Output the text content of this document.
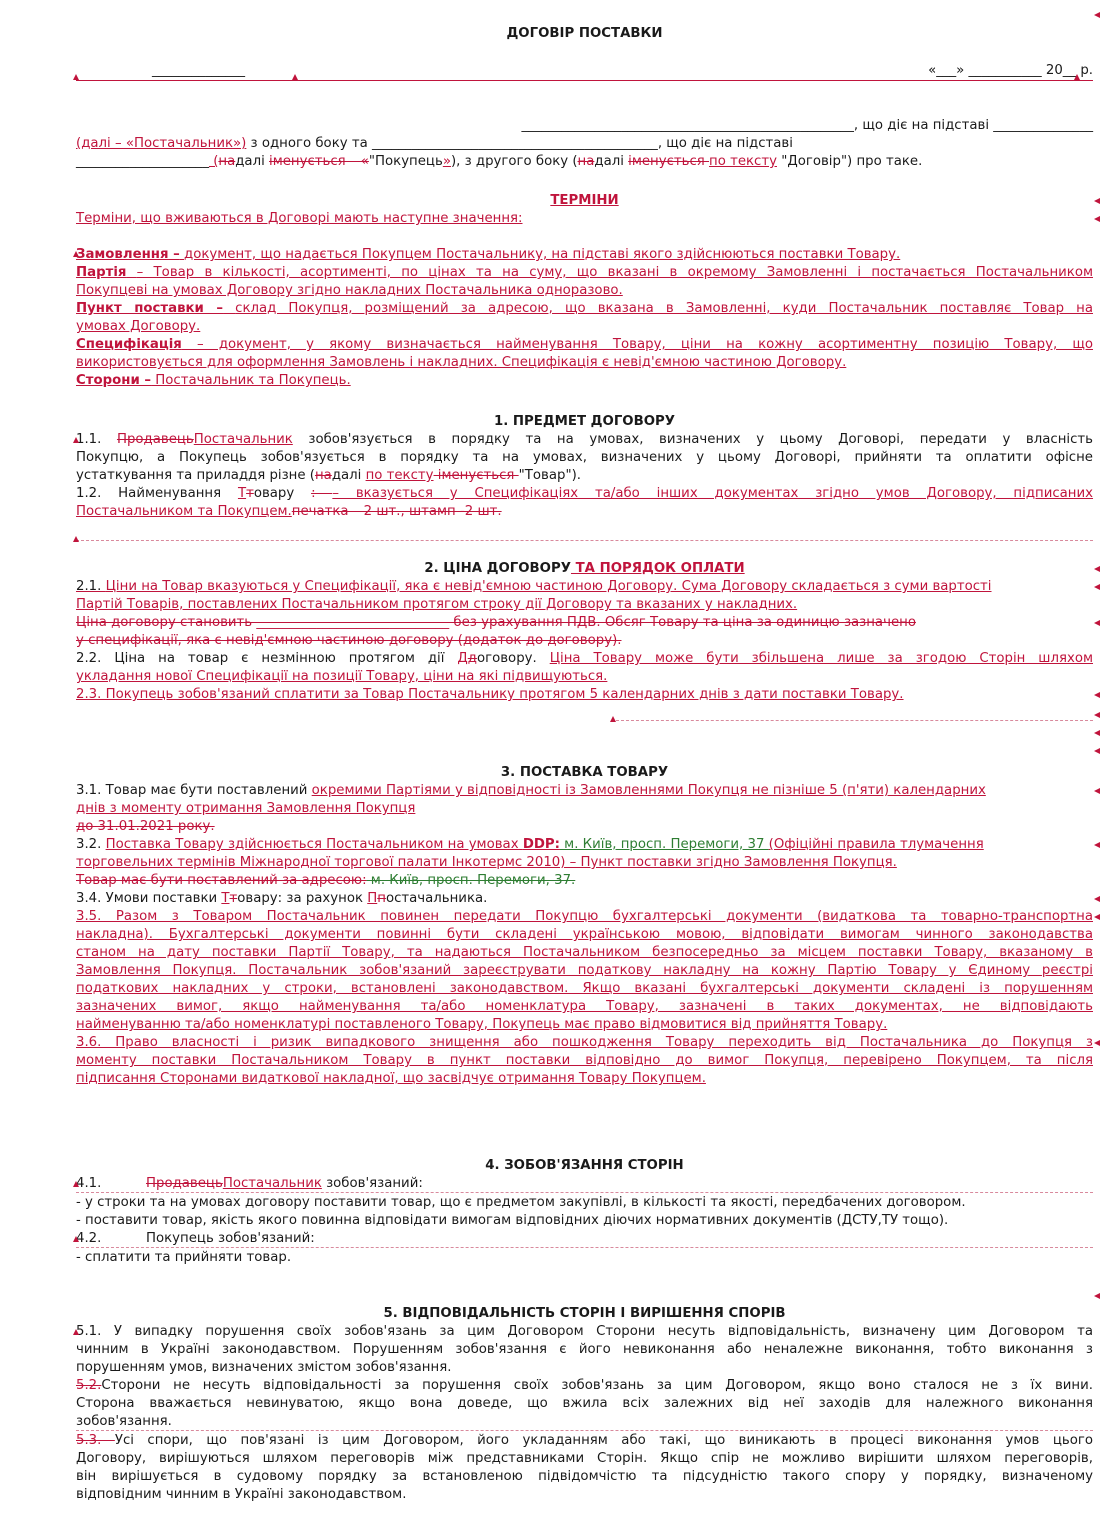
ДОГОВІР ПОСТАВКИ
______________	«___» ___________ 20__ р.
__________________________________________________, що діє на підставі _______________
(далі – «Постачальник») з одного боку та ___________________________________________, що діє на підставі
____________________ (надалі іменується – «"Покупець»), з другого боку (надалі іменується по тексту "Договір") про таке.
ТЕРМІНИ
Терміни, що вживаються в Договорі мають наступне значення:
Замовлення – документ, що надається Покупцем Постачальнику, на підставі якого здійснюються поставки Товару.
Партія – Товар в кількості, асортименті, по цінах та на суму, що вказані в окремому Замовленні і постачається Постачальником
Покупцеві на умовах Договору згідно накладних Постачальника одноразово.
Пункт поставки – склад Покупця, розміщений за адресою, що вказана в Замовленні, куди Постачальник поставляє Товар на
умовах Договору.
Специфікація – документ, у якому визначається найменування Товару, ціни на кожну асортиментну позицію Товару, що
використовується для оформлення Замовлень і накладних. Специфікація є невід'ємною частиною Договору.
Сторони – Постачальник та Покупець.
1. ПРЕДМЕТ ДОГОВОРУ
1.1. ПродавецьПостачальник зобов'язується в порядку та на умовах, визначених у цьому Договорі, передати у власність
Покупцю, а Покупець зобов'язується в порядку та на умовах, визначених у цьому Договорі, прийняти та оплатити офісне
устаткування та приладдя різне (надалі по тексту іменується "Товар").
1.2. Найменування Ттовару : – вказується у Специфікаціях та/або інших документах згідно умов Договору, підписаних
Постачальником та Покупцем.печатка – 2 шт., штамп -2 шт.
2. ЦІНА ДОГОВОРУ ТА ПОРЯДОК ОПЛАТИ
2.1. Ціни на Товар вказуються у Специфікації, яка є невід'ємною частиною Договору. Сума Договору складається з суми вартості
Партій Товарів, поставлених Постачальником протягом строку дії Договору та вказаних у накладних.
Ціна договору становить _____________________________ без урахування ПДВ. Обсяг Товару та ціна за одиницю зазначено
у специфікації, яка є невід'ємною частиною договору (додаток до договору).
2.2. Ціна на товар є незмінною протягом дії Ддоговору. Ціна Товару може бути збільшена лише за згодою Сторін шляхом
укладання нової Специфікації на позиції Товару, ціни на які підвищуються.
2.3. Покупець зобов'язаний сплатити за Товар Постачальнику протягом 5 календарних днів з дати поставки Товару.
3. ПОСТАВКА ТОВАРУ
3.1. Товар має бути поставлений окремими Партіями у відповідності із Замовленнями Покупця не пізніше 5 (п'яти) календарних
днів з моменту отримання Замовлення Покупця
до 31.01.2021 року.
3.2. Поставка Товару здійснюється Постачальником на умовах DDP: м. Київ, просп. Перемоги, 37 (Офіційні правила тлумачення
торговельних термінів Міжнародної торгової палати Інкотермс 2010) – Пункт поставки згідно Замовлення Покупця.
Товар має бути поставлений за адресою: м. Київ, просп. Перемоги, 37.
3.4. Умови поставки Ттовару: за рахунок Ппостачальника.
3.5. Разом з Товаром Постачальник повинен передати Покупцю бухгалтерські документи (видаткова та товарно-транспортна
накладна). Бухгалтерські документи повинні бути складені українською мовою, відповідати вимогам чинного законодавства
станом на дату поставки Партії Товару, та надаються Постачальником безпосередньо за місцем поставки Товару, вказаному в
Замовлення Покупця. Постачальник зобов'язаний зареєструвати податкову накладну на кожну Партію Товару у Єдиному реєстрі
податкових накладних у строки, встановлені законодавством. Якщо вказані бухгалтерські документи складені із порушенням
зазначених вимог, якщо найменування та/або номенклатура Товару, зазначені в таких документах, не відповідають
найменуванню та/або номенклатурі поставленого Товару, Покупець має право відмовитися від прийняття Товару.
3.6. Право власності і ризик випадкового знищення або пошкодження Товару переходить від Постачальника до Покупця з
моменту поставки Постачальником Товару в пункт поставки відповідно до вимог Покупця, перевірено Покупцем, та після
підписання Сторонами видаткової накладної, що засвідчує отримання Товару Покупцем.
4. ЗОБОВ'ЯЗАННЯ СТОРІН
4.1.	ПродавецьПостачальник зобов'язаний:
- у строки та на умовах договору поставити товар, що є предметом закупівлі, в кількості та якості, передбачених договором.
- поставити товар, якість якого повинна відповідати вимогам відповідних діючих нормативних документів (ДСТУ,ТУ тощо).
4.2.	Покупець зобов'язаний:
- сплатити та прийняти товар.
5. ВІДПОВІДАЛЬНІСТЬ СТОРІН І ВИРІШЕННЯ СПОРІВ
5.1. У випадку порушення своїх зобов'язань за цим Договором Сторони несуть відповідальність, визначену цим Договором та
чинним в Україні законодавством. Порушенням зобов'язання є його невиконання або неналежне виконання, тобто виконання з
порушенням умов, визначених змістом зобов'язання.
5.2.Сторони не несуть відповідальності за порушення своїх зобов'язань за цим Договором, якщо воно сталося не з їх вини.
Сторона вважається невинуватою, якщо вона доведе, що вжила всіх залежних від неї заходів для належного виконання
зобов'язання.
5.3. Усі спори, що пов'язані із цим Договором, його укладанням або такі, що виникають в процесі виконання умов цього
Договору, вирішуються шляхом переговорів між представниками Сторін. Якщо спір не можливо вирішити шляхом переговорів,
він вирішується в судовому порядку за встановленою підвідомчістю та підсудністю такого спору у порядку, визначеному
відповідним чинним в Україні законодавством.
